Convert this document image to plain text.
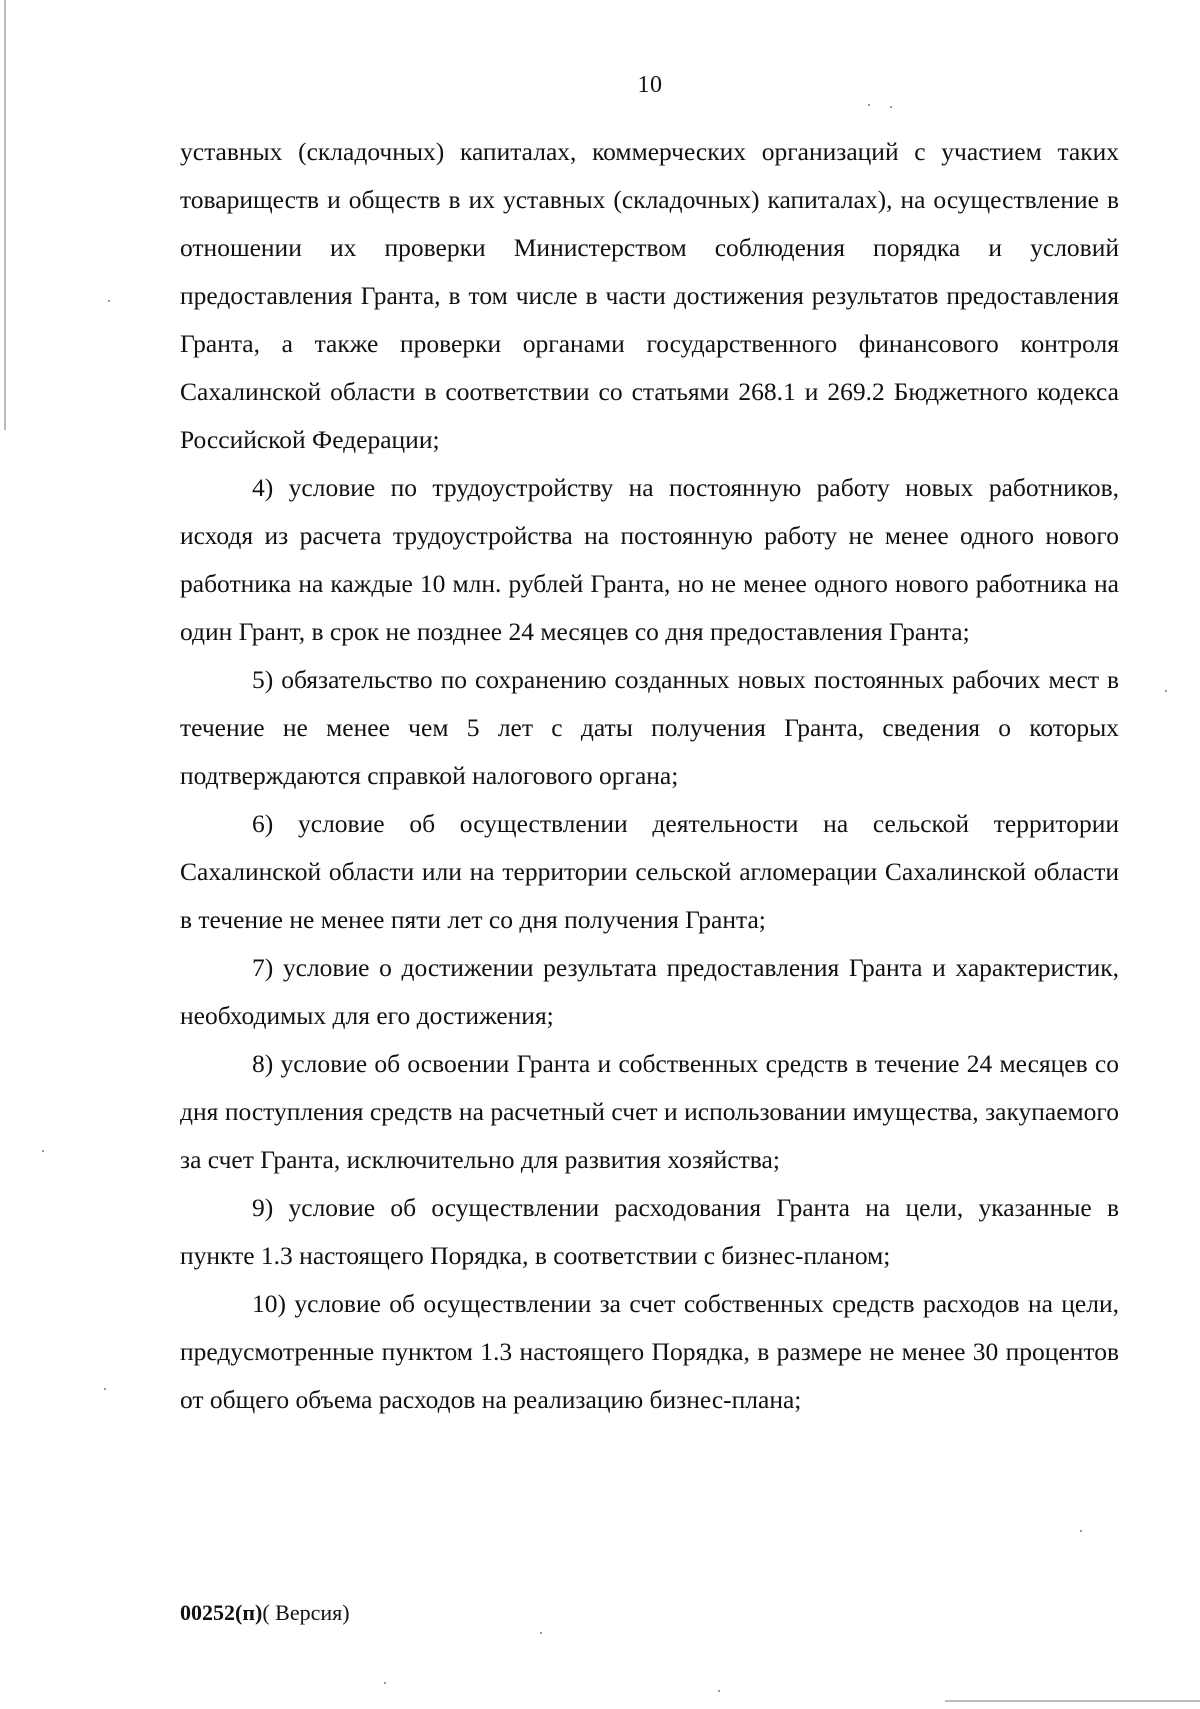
10

уставных (складочных) капиталах, коммерческих организаций с участием таких товариществ и обществ в их уставных (складочных) капиталах), на осуществление в отношении их проверки Министерством соблюдения порядка и условий предоставления Гранта, в том числе в части достижения результатов предоставления Гранта, а также проверки органами государственного финансового контроля Сахалинской области в соответствии со статьями 268.1 и 269.2 Бюджетного кодекса Российской Федерации;

4) условие по трудоустройству на постоянную работу новых работников, исходя из расчета трудоустройства на постоянную работу не менее одного нового работника на каждые 10 млн. рублей Гранта, но не менее одного нового работника на один Грант, в срок не позднее 24 месяцев со дня предоставления Гранта;

5) обязательство по сохранению созданных новых постоянных рабочих мест в течение не менее чем 5 лет с даты получения Гранта, сведения о которых подтверждаются справкой налогового органа;

6) условие об осуществлении деятельности на сельской территории Сахалинской области или на территории сельской агломерации Сахалинской области в течение не менее пяти лет со дня получения Гранта;

7) условие о достижении результата предоставления Гранта и характеристик, необходимых для его достижения;

8) условие об освоении Гранта и собственных средств в течение 24 месяцев со дня поступления средств на расчетный счет и использовании имущества, закупаемого за счет Гранта, исключительно для развития хозяйства;

9) условие об осуществлении расходования Гранта на цели, указанные в пункте 1.3 настоящего Порядка, в соответствии с бизнес-планом;

10) условие об осуществлении за счет собственных средств расходов на цели, предусмотренные пунктом 1.3 настоящего Порядка, в размере не менее 30 процентов от общего объема расходов на реализацию бизнес-плана;

00252(п)( Версия)
